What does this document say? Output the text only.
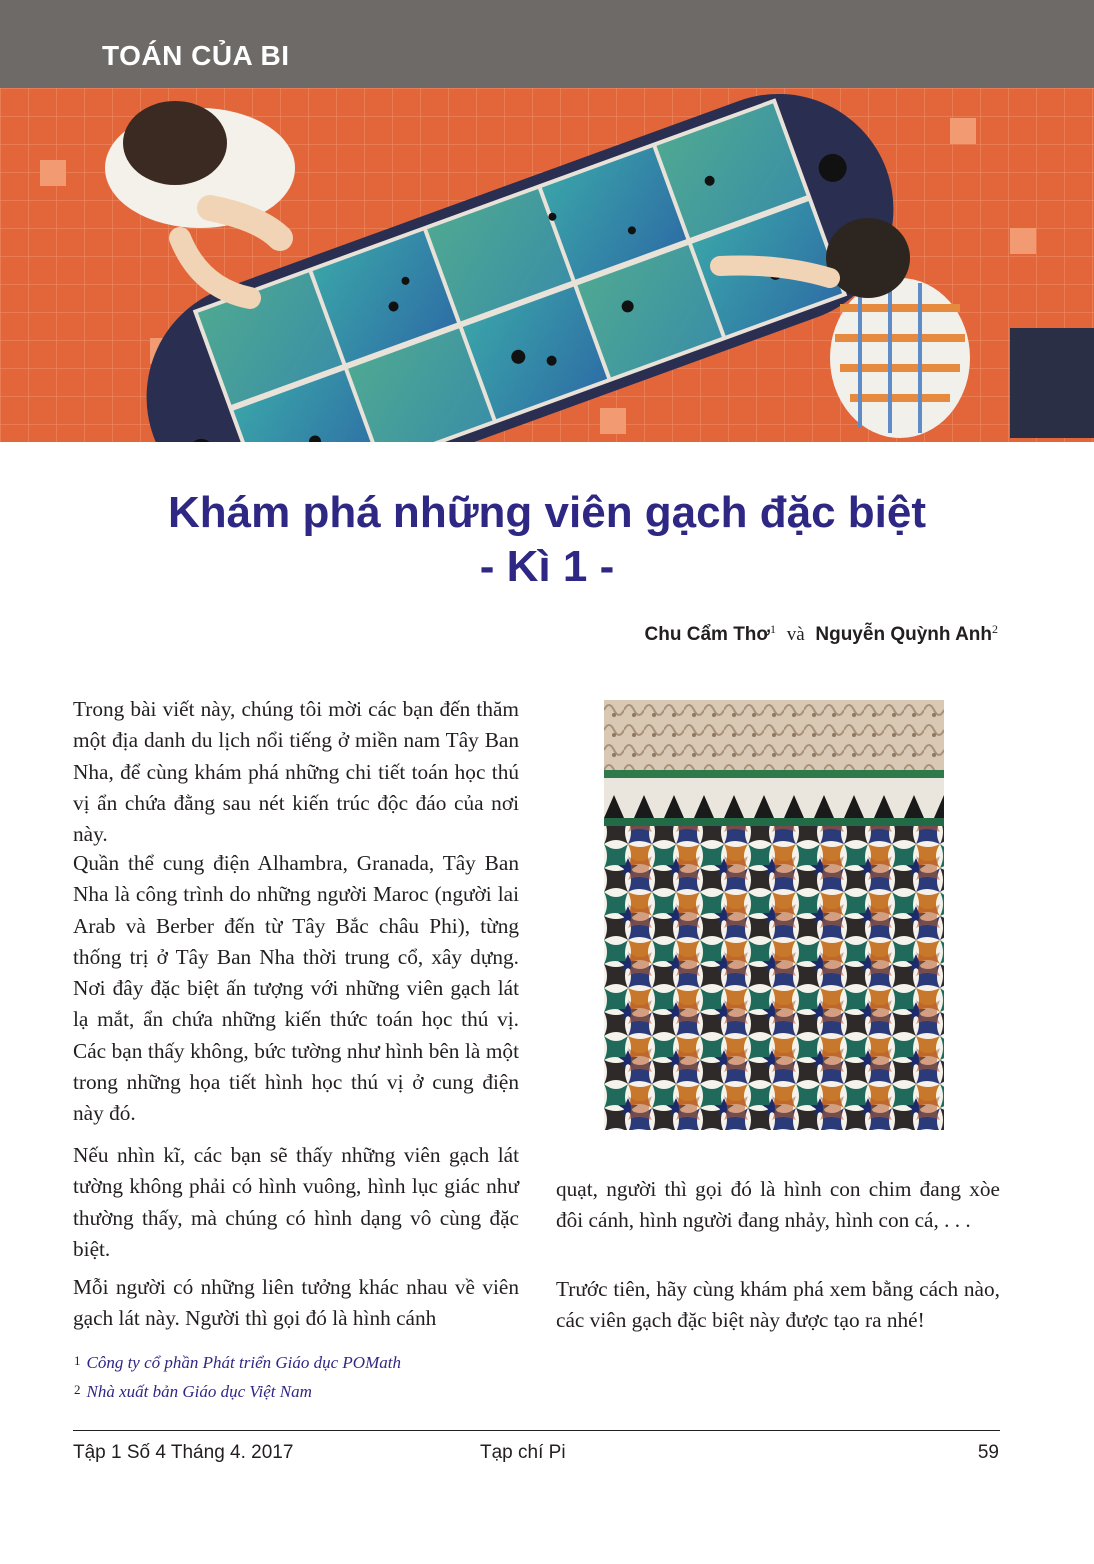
TOÁN CỦA BI
Khám phá những viên gạch đặc biệt
- Kì 1 -
Chu Cẩm Thơ$^1$ và Nguyễn Quỳnh Anh$^2$

Trong bài viết này, chúng tôi mời các bạn đến thăm một địa danh du lịch nổi tiếng ở miền nam Tây Ban Nha, để cùng khám phá những chi tiết toán học thú vị ẩn chứa đằng sau nét kiến trúc độc đáo của nơi này.

Quần thể cung điện Alhambra, Granada, Tây Ban Nha là công trình do những người Maroc (người lai Arab và Berber đến từ Tây Bắc châu Phi), từng thống trị ở Tây Ban Nha thời trung cổ, xây dựng. Nơi đây đặc biệt ấn tượng với những viên gạch lát lạ mắt, ẩn chứa những kiến thức toán học thú vị. Các bạn thấy không, bức tường như hình bên là một trong những họa tiết hình học thú vị ở cung điện này đó.

Nếu nhìn kĩ, các bạn sẽ thấy những viên gạch lát tường không phải có hình vuông, hình lục giác như thường thấy, mà chúng có hình dạng vô cùng đặc biệt.

Mỗi người có những liên tưởng khác nhau về viên gạch lát này. Người thì gọi đó là hình cánh

quạt, người thì gọi đó là hình con chim đang xòe đôi cánh, hình người đang nhảy, hình con cá, . . .

Trước tiên, hãy cùng khám phá xem bằng cách nào, các viên gạch đặc biệt này được tạo ra nhé!

$^1$ Công ty cổ phần Phát triển Giáo dục POMath
$^2$ Nhà xuất bản Giáo dục Việt Nam
Tập 1 Số 4 Tháng 4. 2017	Tạp chí Pi	59
